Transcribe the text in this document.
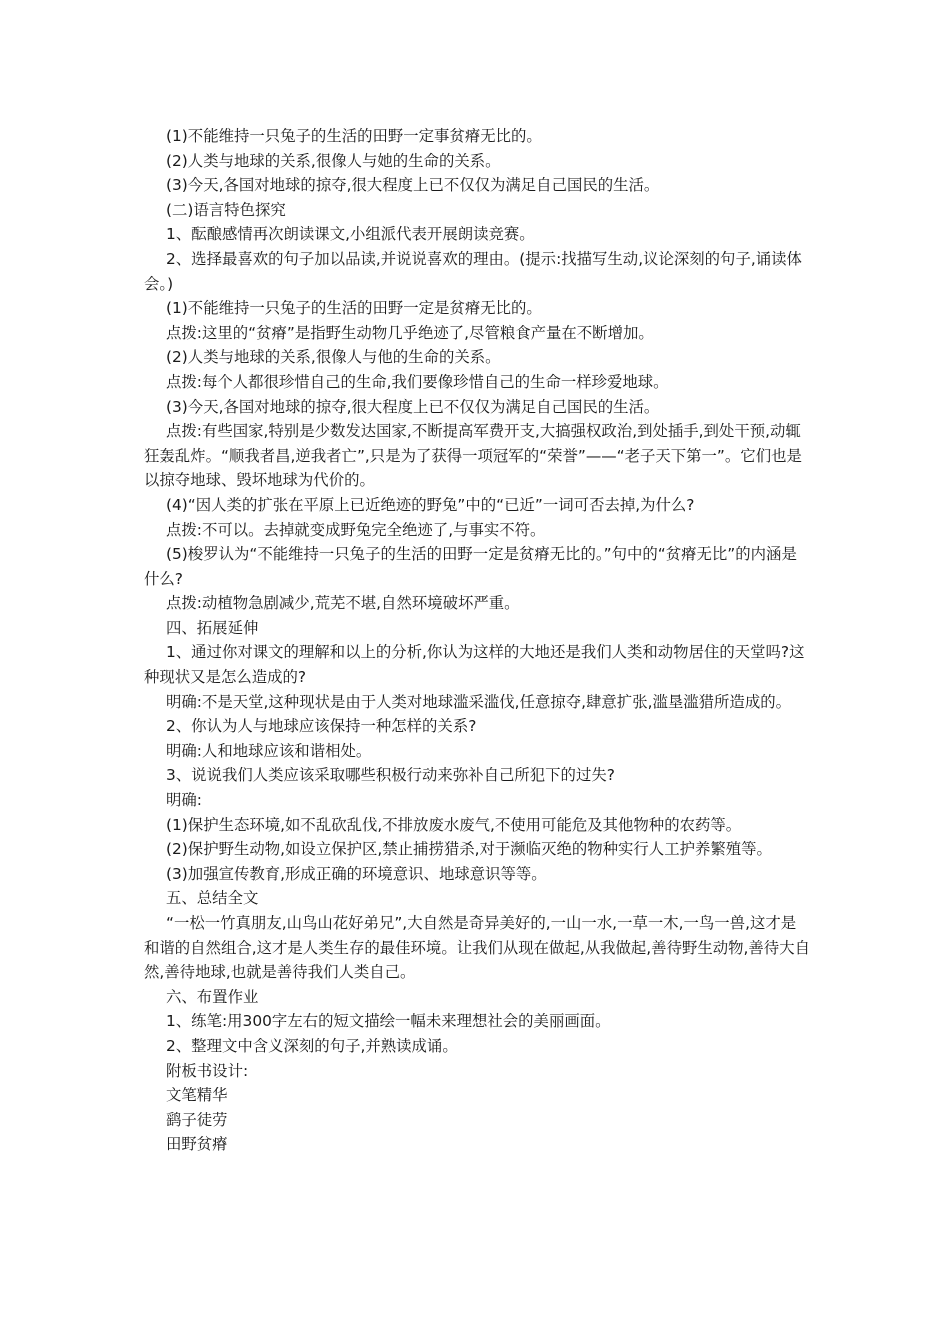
(1)不能维持一只兔子的生活的田野一定事贫瘠无比的。

(2)人类与地球的关系,很像人与她的生命的关系。

(3)今天,各国对地球的掠夺,很大程度上已不仅仅为满足自己国民的生活。

(二)语言特色探究

1、酝酿感情再次朗读课文,小组派代表开展朗读竞赛。

2、选择最喜欢的句子加以品读,并说说喜欢的理由。(提示:找描写生动,议论深刻的句子,诵读体会。)

(1)不能维持一只兔子的生活的田野一定是贫瘠无比的。

点拨:这里的“贫瘠”是指野生动物几乎绝迹了,尽管粮食产量在不断增加。

(2)人类与地球的关系,很像人与他的生命的关系。

点拨:每个人都很珍惜自己的生命,我们要像珍惜自己的生命一样珍爱地球。

(3)今天,各国对地球的掠夺,很大程度上已不仅仅为满足自己国民的生活。

点拨:有些国家,特别是少数发达国家,不断提高军费开支,大搞强权政治,到处插手,到处干预,动辄狂轰乱炸。“顺我者昌,逆我者亡”,只是为了获得一项冠军的“荣誉”——“老子天下第一”。它们也是以掠夺地球、毁坏地球为代价的。

(4)“因人类的扩张在平原上已近绝迹的野兔”中的“已近”一词可否去掉,为什么?

点拨:不可以。去掉就变成野兔完全绝迹了,与事实不符。

(5)梭罗认为“不能维持一只兔子的生活的田野一定是贫瘠无比的。”句中的“贫瘠无比”的内涵是什么?

点拨:动植物急剧减少,荒芜不堪,自然环境破坏严重。

四、拓展延伸

1、通过你对课文的理解和以上的分析,你认为这样的大地还是我们人类和动物居住的天堂吗?这种现状又是怎么造成的?

明确:不是天堂,这种现状是由于人类对地球滥采滥伐,任意掠夺,肆意扩张,滥垦滥猎所造成的。

2、你认为人与地球应该保持一种怎样的关系?

明确:人和地球应该和谐相处。

3、说说我们人类应该采取哪些积极行动来弥补自己所犯下的过失?

明确:

(1)保护生态环境,如不乱砍乱伐,不排放废水废气,不使用可能危及其他物种的农药等。

(2)保护野生动物,如设立保护区,禁止捕捞猎杀,对于濒临灭绝的物种实行人工护养繁殖等。

(3)加强宣传教育,形成正确的环境意识、地球意识等等。

五、总结全文

“一松一竹真朋友,山鸟山花好弟兄”,大自然是奇异美好的,一山一水,一草一木,一鸟一兽,这才是和谐的自然组合,这才是人类生存的最佳环境。让我们从现在做起,从我做起,善待野生动物,善待大自然,善待地球,也就是善待我们人类自己。

六、布置作业

1、练笔:用300字左右的短文描绘一幅未来理想社会的美丽画面。

2、整理文中含义深刻的句子,并熟读成诵。

附板书设计:

文笔精华

鹞子徒劳

田野贫瘠
